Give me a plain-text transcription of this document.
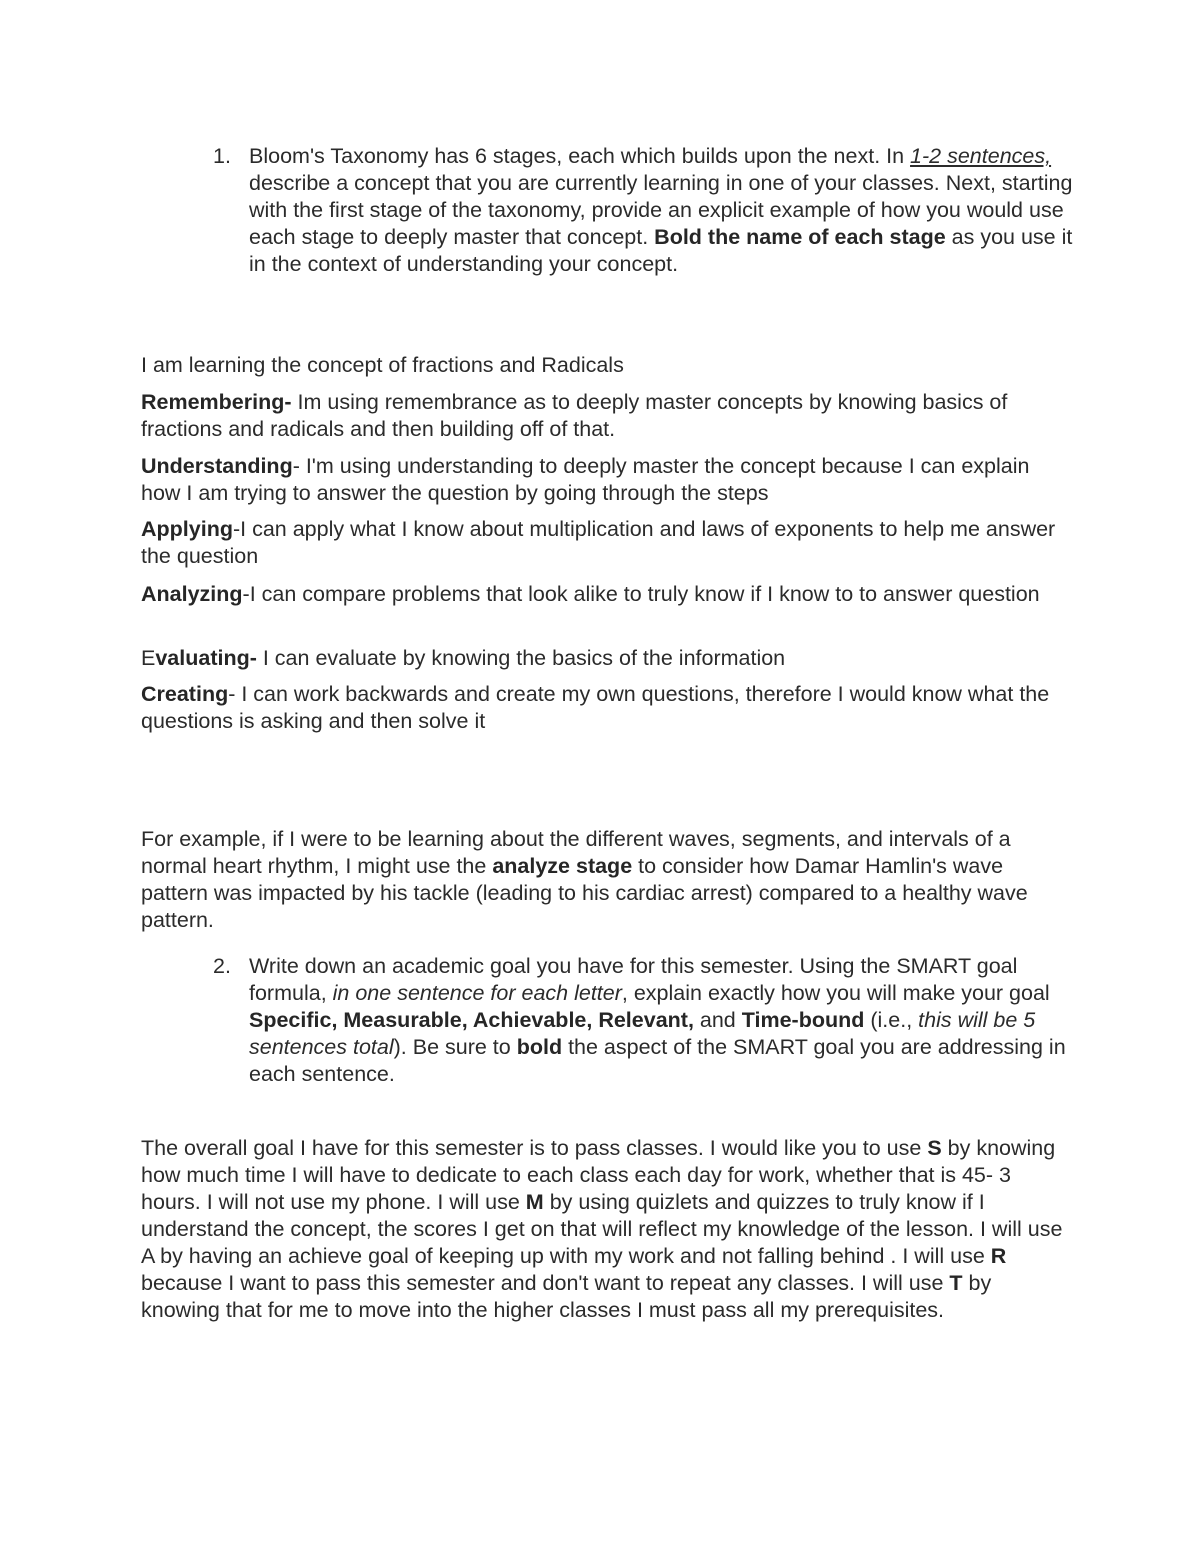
1. Bloom's Taxonomy has 6 stages, each which builds upon the next. In 1-2 sentences, describe a concept that you are currently learning in one of your classes. Next, starting with the first stage of the taxonomy, provide an explicit example of how you would use each stage to deeply master that concept. Bold the name of each stage as you use it in the context of understanding your concept.
I am learning the concept of fractions and Radicals
Remembering- Im using remembrance as to deeply master concepts by knowing basics of fractions and radicals and then building off of that.
Understanding- I'm using understanding to deeply master the concept because I can explain how I am trying to answer the question by going through the steps
Applying-I can apply what I know about multiplication and laws of exponents to help me answer the question
Analyzing-I can compare problems that look alike to truly know if I know to to answer question
Evaluating- I can evaluate by knowing the basics of the information
Creating- I can work backwards and create my own questions, therefore I would know what the questions is asking and then solve it
For example, if I were to be learning about the different waves, segments, and intervals of a normal heart rhythm, I might use the analyze stage to consider how Damar Hamlin's wave pattern was impacted by his tackle (leading to his cardiac arrest) compared to a healthy wave pattern.
2. Write down an academic goal you have for this semester. Using the SMART goal formula, in one sentence for each letter, explain exactly how you will make your goal Specific, Measurable, Achievable, Relevant, and Time-bound (i.e., this will be 5 sentences total). Be sure to bold the aspect of the SMART goal you are addressing in each sentence.
The overall goal I have for this semester is to pass classes. I would like you to use S by knowing how much time I will have to dedicate to each class each day for work, whether that is 45- 3 hours. I will not use my phone. I will use M by using quizlets and quizzes to truly know if I understand the concept, the scores I get on that will reflect my knowledge of the lesson. I will use A by having an achieve goal of keeping up with my work and not falling behind . I will use R because I want to pass this semester and don't want to repeat any classes. I will use T by knowing that for me to move into the higher classes I must pass all my prerequisites.
